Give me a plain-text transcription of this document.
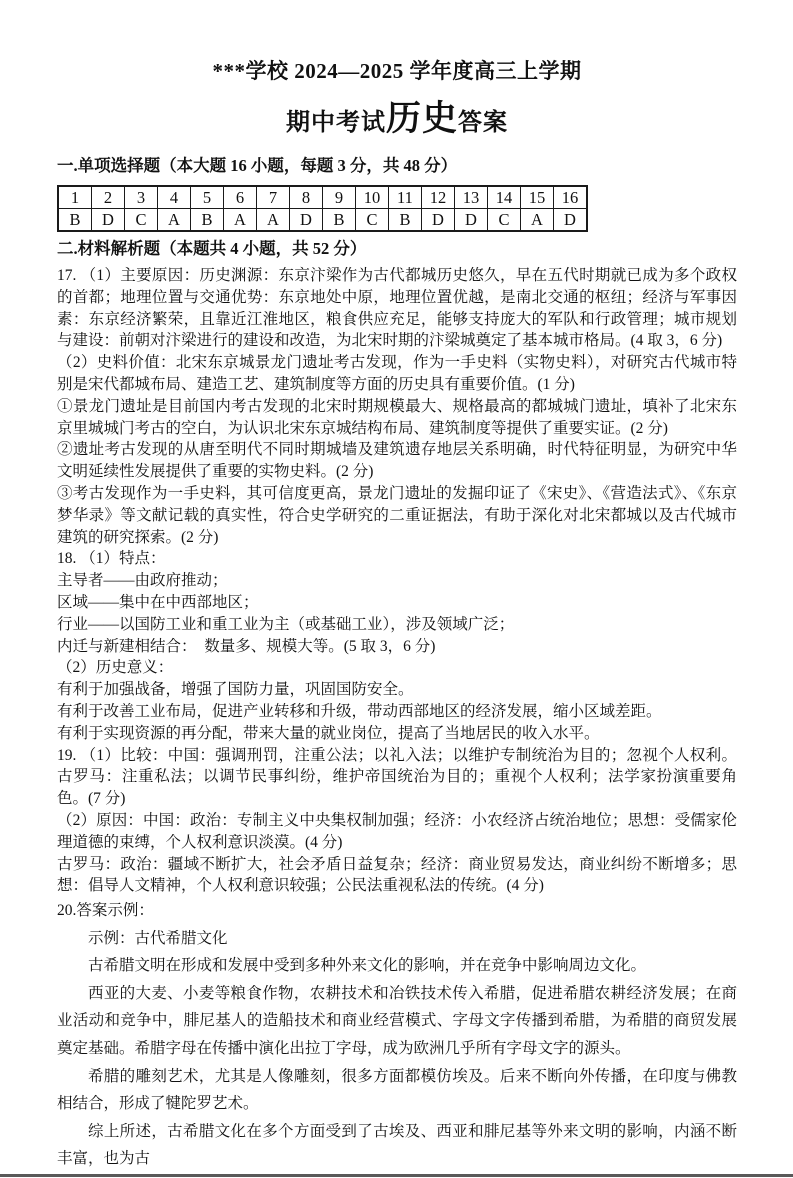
***学校 2024—2025 学年度高三上学期
期中考试历史答案
一.单项选择题（本大题 16 小题，每题 3 分，共 48 分）
1	2	3	4	5	6	7	8	9	10	11	12	13	14	15	16
B	D	C	A	B	A	A	D	B	C	B	D	D	C	A	D
二.材料解析题（本题共 4 小题，共 52 分）

17. （1）主要原因：历史渊源：东京汴梁作为古代都城历史悠久，早在五代时期就已成为多个政权的首都；地理位置与交通优势：东京地处中原，地理位置优越，是南北交通的枢纽；经济与军事因素：东京经济繁荣，且靠近江淮地区，粮食供应充足，能够支持庞大的军队和行政管理；城市规划与建设：前朝对汴梁进行的建设和改造，为北宋时期的汴梁城奠定了基本城市格局。(4 取 3，6 分)

（2）史料价值：北宋东京城景龙门遗址考古发现，作为一手史料（实物史料），对研究古代城市特别是宋代都城布局、建造工艺、建筑制度等方面的历史具有重要价值。(1 分)

①景龙门遗址是目前国内考古发现的北宋时期规模最大、规格最高的都城城门遗址，填补了北宋东京里城城门考古的空白，为认识北宋东京城结构布局、建筑制度等提供了重要实证。(2 分)

②遗址考古发现的从唐至明代不同时期城墙及建筑遗存地层关系明确，时代特征明显，为研究中华文明延续性发展提供了重要的实物史料。(2 分)

③考古发现作为一手史料，其可信度更高，景龙门遗址的发掘印证了《宋史》、《营造法式》、《东京梦华录》等文献记载的真实性，符合史学研究的二重证据法，有助于深化对北宋都城以及古代城市建筑的研究探索。(2 分)

18. （1）特点：

主导者——由政府推动；

区域——集中在中西部地区；

行业——以国防工业和重工业为主（或基础工业），涉及领域广泛；

内迁与新建相结合：　数量多、规模大等。(5 取 3，6 分)

（2）历史意义：

有利于加强战备，增强了国防力量，巩固国防安全。

有利于改善工业布局，促进产业转移和升级，带动西部地区的经济发展，缩小区域差距。

有利于实现资源的再分配，带来大量的就业岗位，提高了当地居民的收入水平。

19. （1）比较：中国：强调刑罚，注重公法；以礼入法；以维护专制统治为目的；忽视个人权利。古罗马：注重私法；以调节民事纠纷，维护帝国统治为目的；重视个人权利；法学家扮演重要角色。(7 分)

（2）原因：中国：政治：专制主义中央集权制加强；经济：小农经济占统治地位；思想：受儒家伦理道德的束缚，个人权利意识淡漠。(4 分)

古罗马：政治：疆域不断扩大，社会矛盾日益复杂；经济：商业贸易发达，商业纠纷不断增多；思想：倡导人文精神，个人权利意识较强；公民法重视私法的传统。(4 分)

20.答案示例：

示例：古代希腊文化

古希腊文明在形成和发展中受到多种外来文化的影响，并在竞争中影响周边文化。

西亚的大麦、小麦等粮食作物，农耕技术和冶铁技术传入希腊，促进希腊农耕经济发展；在商业活动和竞争中，腓尼基人的造船技术和商业经营模式、字母文字传播到希腊，为希腊的商贸发展奠定基础。希腊字母在传播中演化出拉丁字母，成为欧洲几乎所有字母文字的源头。

希腊的雕刻艺术，尤其是人像雕刻，很多方面都模仿埃及。后来不断向外传播，在印度与佛教相结合，形成了犍陀罗艺术。

综上所述，古希腊文化在多个方面受到了古埃及、西亚和腓尼基等外来文明的影响，内涵不断丰富，也为古
